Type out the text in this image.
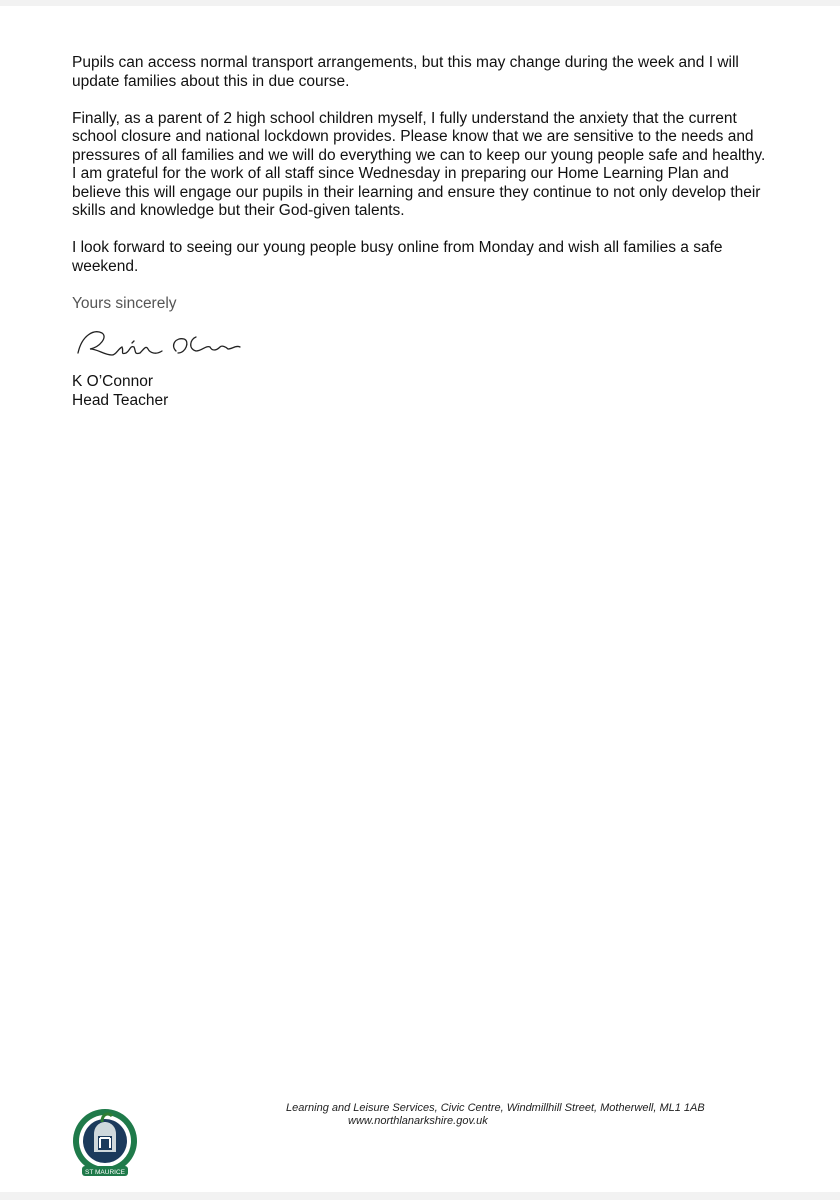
Pupils can access normal transport arrangements, but this may change during the week and I will update families about this in due course.

Finally, as a parent of 2 high school children myself, I fully understand the anxiety that the current school closure and national lockdown provides. Please know that we are sensitive to the needs and pressures of all families and we will do everything we can to keep our young people safe and healthy. I am grateful for the work of all staff since Wednesday in preparing our Home Learning Plan and believe this will engage our pupils in their learning and ensure they continue to not only develop their skills and knowledge but their God-given talents.

I look forward to seeing our young people busy online from Monday and wish all families a safe weekend.

Yours sincerely

K O’Connor
Head Teacher

ST MAURICE
Learning and Leisure Services, Civic Centre, Windmillhill Street, Motherwell, ML1 1AB
www.northlanarkshire.gov.uk
